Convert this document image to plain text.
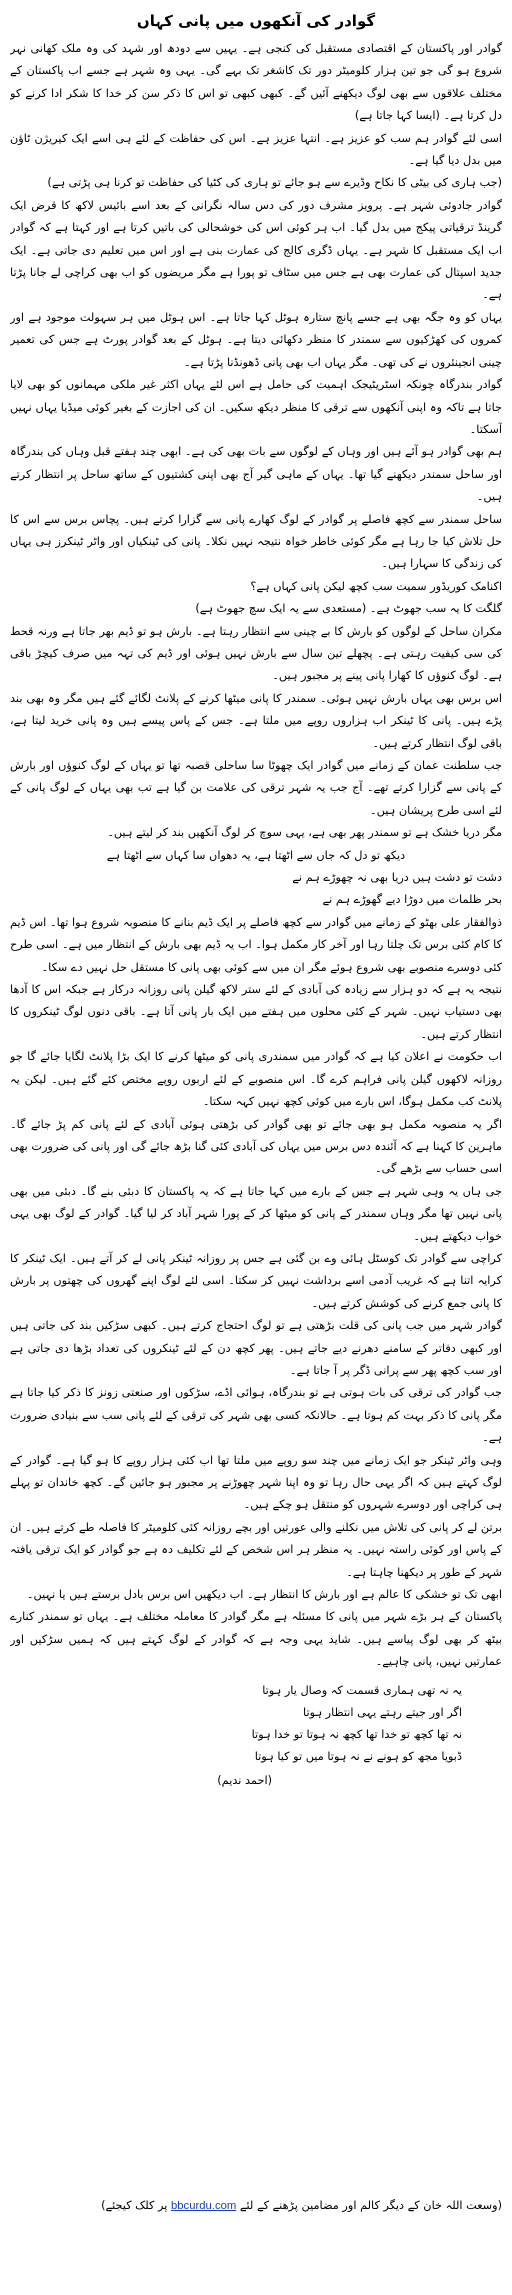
گوادر کی آنکھوں میں پانی کہاں

گوادر اور پاکستان کے اقتصادی مستقبل کی کنجی ہے۔ یہیں سے دودھ اور شہد کی وہ ملک کھانی نہر شروع ہو گی جو تین ہزار کلومیٹر دور تک کاشغر تک بہے گی۔ یہی وہ شہر ہے جسے اب پاکستان کے مختلف علاقوں سے بھی لوگ دیکھنے آئیں گے۔ کبھی کبھی تو اس کا ذکر سن کر خدا کا شکر ادا کرنے کو دل کرتا ہے۔ (ایسا کہا جاتا ہے)

اسی لئے گوادر ہم سب کو عزیز ہے۔ انتہا عزیز ہے۔ اس کی حفاظت کے لئے ہی اسے ایک کیریژن ٹاؤن میں بدل دیا گیا ہے۔

(جب ہاری کی بیٹی کا نکاح وڈیرے سے ہو جائے تو ہاری کی کٹیا کی حفاظت تو کرنا ہی پڑتی ہے)

گوادر جادوئی شہر ہے۔ پرویز مشرف دور کی دس سالہ نگرانی کے بعد اسے بائیس لاکھ کا قرض ایک گرینڈ ترقیاتی پیکج میں بدل گیا۔ اب ہر کوئی اس کی خوشحالی کی باتیں کرتا ہے اور کہتا ہے کہ گوادر اب ایک مستقبل کا شہر ہے۔ یہاں ڈگری کالج کی عمارت بنی ہے اور اس میں تعلیم دی جاتی ہے۔ ایک جدید اسپتال کی عمارت بھی ہے جس میں سٹاف تو پورا ہے مگر مریضوں کو اب بھی کراچی لے جانا پڑتا ہے۔

یہاں کو وہ جگہ بھی ہے جسے پانچ ستارہ ہوٹل کہا جاتا ہے۔ اس ہوٹل میں ہر سہولت موجود ہے اور کمروں کی کھڑکیوں سے سمندر کا منظر دکھائی دیتا ہے۔ ہوٹل کے بعد گوادر پورٹ ہے جس کی تعمیر چینی انجینئروں نے کی تھی۔ مگر یہاں اب بھی پانی ڈھونڈنا پڑتا ہے۔

گوادر بندرگاہ چونکہ اسٹریٹیجک اہمیت کی حامل ہے اس لئے یہاں اکثر غیر ملکی مہمانوں کو بھی لایا جاتا ہے تاکہ وہ اپنی آنکھوں سے ترقی کا منظر دیکھ سکیں۔ ان کی اجازت کے بغیر کوئی میڈیا یہاں نہیں آسکتا۔

ہم بھی گوادر ہو آئے ہیں اور وہاں کے لوگوں سے بات بھی کی ہے۔ ابھی چند ہفتے قبل وہاں کی بندرگاہ اور ساحل سمندر دیکھنے گیا تھا۔ یہاں کے ماہی گیر آج بھی اپنی کشتیوں کے ساتھ ساحل پر انتظار کرتے ہیں۔

ساحل سمندر سے کچھ فاصلے پر گوادر کے لوگ کھارے پانی سے گزارا کرتے ہیں۔ پچاس برس سے اس کا حل تلاش کیا جا رہا ہے مگر کوئی خاطر خواہ نتیجہ نہیں نکلا۔ پانی کی ٹینکیاں اور واٹر ٹینکرز ہی یہاں کی زندگی کا سہارا ہیں۔

اکنامک کوریڈور سمیت سب کچھ لیکن پانی کہاں ہے؟

گلگت کا یہ سب جھوٹ ہے۔ (مستعدی سے یہ ایک سچ جھوٹ ہے)

مکران ساحل کے لوگوں کو بارش کا بے چینی سے انتظار رہتا ہے۔ بارش ہو تو ڈیم بھر جاتا ہے ورنہ قحط کی سی کیفیت رہتی ہے۔ پچھلے تین سال سے بارش نہیں ہوئی اور ڈیم کی تہہ میں صرف کیچڑ باقی ہے۔ لوگ کنوؤں کا کھارا پانی پینے پر مجبور ہیں۔

اس برس بھی یہاں بارش نہیں ہوئی۔ سمندر کا پانی میٹھا کرنے کے پلانٹ لگائے گئے ہیں مگر وہ بھی بند پڑے ہیں۔ پانی کا ٹینکر اب ہزاروں روپے میں ملتا ہے۔ جس کے پاس پیسے ہیں وہ پانی خرید لیتا ہے، باقی لوگ انتظار کرتے ہیں۔

جب سلطنت عمان کے زمانے میں گوادر ایک چھوٹا سا ساحلی قصبہ تھا تو یہاں کے لوگ کنوؤں اور بارش کے پانی سے گزارا کرتے تھے۔ آج جب یہ شہر ترقی کی علامت بن گیا ہے تب بھی یہاں کے لوگ پانی کے لئے اسی طرح پریشان ہیں۔

مگر دریا خشک ہے تو سمندر پھر بھی ہے، یہی سوچ کر لوگ آنکھیں بند کر لیتے ہیں۔

دیکھ تو دل کہ جاں سے اٹھتا ہے، یہ دھواں سا کہاں سے اٹھتا ہے

دشت تو دشت ہیں دریا بھی نہ چھوڑے ہم نے

بحر ظلمات میں دوڑا دیے گھوڑے ہم نے

ذوالفقار علی بھٹو کے زمانے میں گوادر سے کچھ فاصلے پر ایک ڈیم بنانے کا منصوبہ شروع ہوا تھا۔ اس ڈیم کا کام کئی برس تک چلتا رہا اور آخر کار مکمل ہوا۔ اب یہ ڈیم بھی بارش کے انتظار میں ہے۔ اسی طرح کئی دوسرے منصوبے بھی شروع ہوئے مگر ان میں سے کوئی بھی پانی کا مستقل حل نہیں دے سکا۔

نتیجہ یہ ہے کہ دو ہزار سے زیادہ کی آبادی کے لئے ستر لاکھ گیلن پانی روزانہ درکار ہے جبکہ اس کا آدھا بھی دستیاب نہیں۔ شہر کے کئی محلوں میں ہفتے میں ایک بار پانی آتا ہے۔ باقی دنوں لوگ ٹینکروں کا انتظار کرتے ہیں۔

اب حکومت نے اعلان کیا ہے کہ گوادر میں سمندری پانی کو میٹھا کرنے کا ایک بڑا پلانٹ لگایا جائے گا جو روزانہ لاکھوں گیلن پانی فراہم کرے گا۔ اس منصوبے کے لئے اربوں روپے مختص کئے گئے ہیں۔ لیکن یہ پلانٹ کب مکمل ہوگا، اس بارے میں کوئی کچھ نہیں کہہ سکتا۔

اگر یہ منصوبہ مکمل ہو بھی جائے تو بھی گوادر کی بڑھتی ہوئی آبادی کے لئے پانی کم پڑ جائے گا۔ ماہرین کا کہنا ہے کہ آئندہ دس برس میں یہاں کی آبادی کئی گنا بڑھ جائے گی اور پانی کی ضرورت بھی اسی حساب سے بڑھے گی۔

جی ہاں یہ وہی شہر ہے جس کے بارے میں کہا جاتا ہے کہ یہ پاکستان کا دبئی بنے گا۔ دبئی میں بھی پانی نہیں تھا مگر وہاں سمندر کے پانی کو میٹھا کر کے پورا شہر آباد کر لیا گیا۔ گوادر کے لوگ بھی یہی خواب دیکھتے ہیں۔

کراچی سے گوادر تک کوسٹل ہائی وے بن گئی ہے جس پر روزانہ ٹینکر پانی لے کر آتے ہیں۔ ایک ٹینکر کا کرایہ اتنا ہے کہ غریب آدمی اسے برداشت نہیں کر سکتا۔ اسی لئے لوگ اپنے گھروں کی چھتوں پر بارش کا پانی جمع کرنے کی کوشش کرتے ہیں۔

گوادر شہر میں جب پانی کی قلت بڑھتی ہے تو لوگ احتجاج کرتے ہیں۔ کبھی سڑکیں بند کی جاتی ہیں اور کبھی دفاتر کے سامنے دھرنے دیے جاتے ہیں۔ پھر کچھ دن کے لئے ٹینکروں کی تعداد بڑھا دی جاتی ہے اور سب کچھ پھر سے پرانی ڈگر پر آ جاتا ہے۔

جب گوادر کی ترقی کی بات ہوتی ہے تو بندرگاہ، ہوائی اڈے، سڑکوں اور صنعتی زونز کا ذکر کیا جاتا ہے مگر پانی کا ذکر بہت کم ہوتا ہے۔ حالانکہ کسی بھی شہر کی ترقی کے لئے پانی سب سے بنیادی ضرورت ہے۔

وہی واٹر ٹینکر جو ایک زمانے میں چند سو روپے میں ملتا تھا اب کئی ہزار روپے کا ہو گیا ہے۔ گوادر کے لوگ کہتے ہیں کہ اگر یہی حال رہا تو وہ اپنا شہر چھوڑنے پر مجبور ہو جائیں گے۔ کچھ خاندان تو پہلے ہی کراچی اور دوسرے شہروں کو منتقل ہو چکے ہیں۔

برتن لے کر پانی کی تلاش میں نکلنے والی عورتیں اور بچے روزانہ کئی کلومیٹر کا فاصلہ طے کرتے ہیں۔ ان کے پاس اور کوئی راستہ نہیں۔ یہ منظر ہر اس شخص کے لئے تکلیف دہ ہے جو گوادر کو ایک ترقی یافتہ شہر کے طور پر دیکھنا چاہتا ہے۔

ابھی تک تو خشکی کا عالم ہے اور بارش کا انتظار ہے۔ اب دیکھیں اس برس بادل برستے ہیں یا نہیں۔

پاکستان کے ہر بڑے شہر میں پانی کا مسئلہ ہے مگر گوادر کا معاملہ مختلف ہے۔ یہاں تو سمندر کنارے بیٹھ کر بھی لوگ پیاسے ہیں۔ شاید یہی وجہ ہے کہ گوادر کے لوگ کہتے ہیں کہ ہمیں سڑکیں اور عمارتیں نہیں، پانی چاہیے۔

یہ نہ تھی ہماری قسمت کہ وصال یار ہوتا
اگر اور جیتے رہتے یہی انتظار ہوتا
نہ تھا کچھ تو خدا تھا کچھ نہ ہوتا تو خدا ہوتا
ڈبویا مجھ کو ہونے نے نہ ہوتا میں تو کیا ہوتا
(احمد ندیم)
(وسعت اللہ خان کے دیگر کالم اور مضامین پڑھنے کے لئے bbcurdu.com پر کلک کیجئے)
